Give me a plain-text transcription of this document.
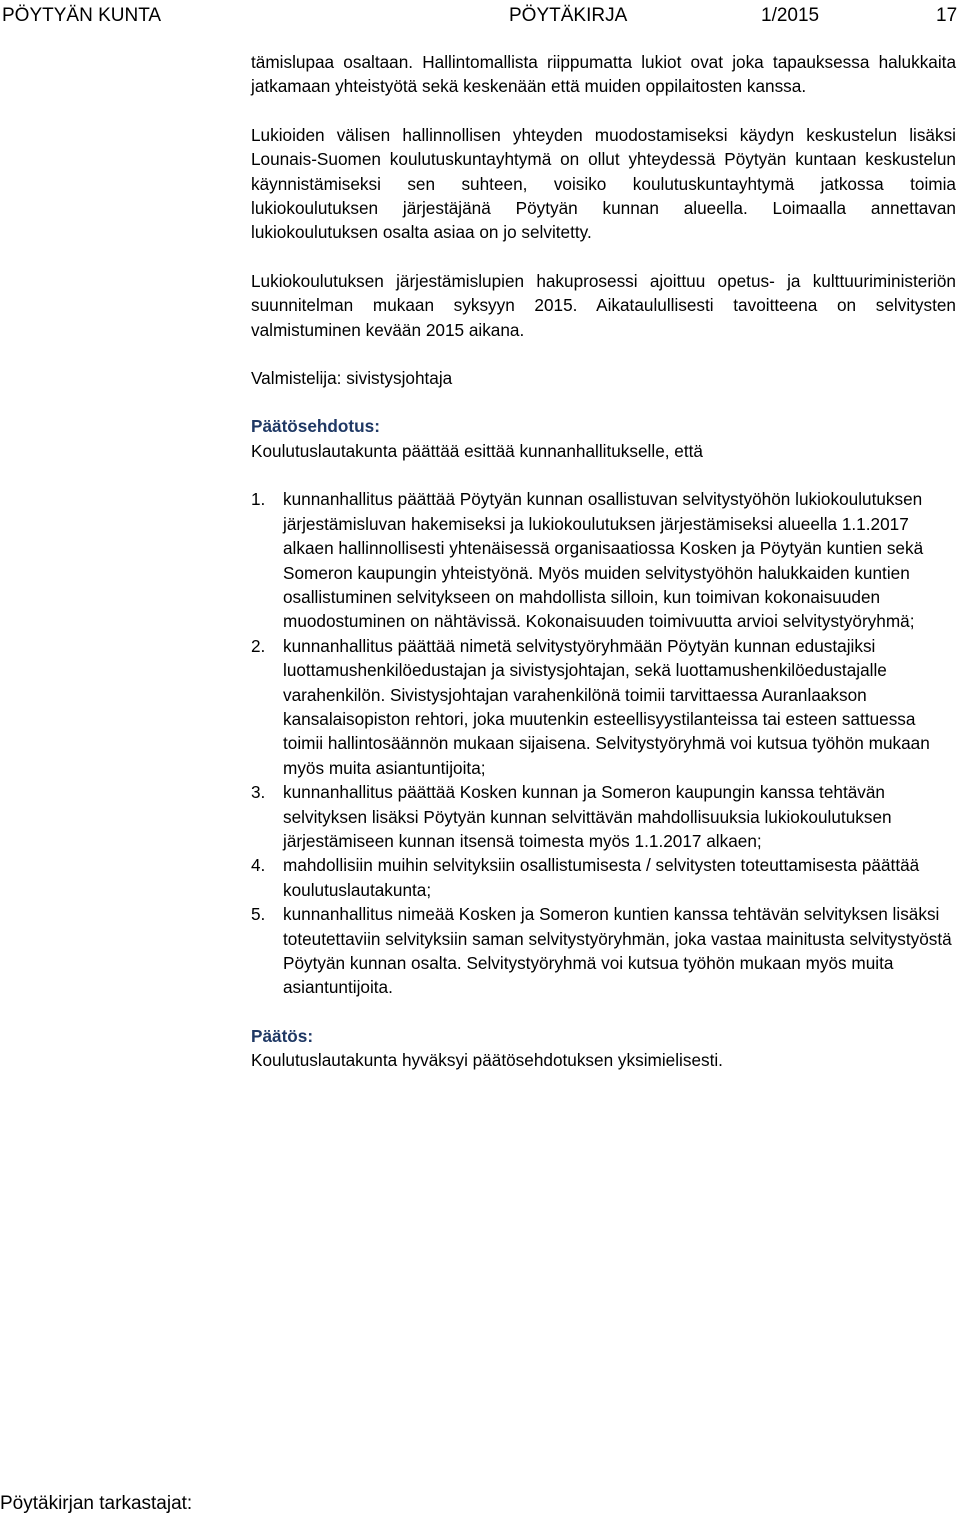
PÖYTYÄN KUNTA	PÖYTÄKIRJA	1/2015	17

tämislupaa osaltaan. Hallintomallista riippumatta lukiot ovat joka tapauksessa halukkaita jatkamaan yhteistyötä sekä keskenään että muiden oppilaitosten kanssa.

Lukioiden välisen hallinnollisen yhteyden muodostamiseksi käydyn keskustelun lisäksi Lounais-Suomen koulutuskuntayhtymä on ollut yhteydessä Pöytyän kuntaan keskustelun käynnistämiseksi sen suhteen, voisiko koulutuskuntayhtymä jatkossa toimia lukiokoulutuksen järjestäjänä Pöytyän kunnan alueella. Loimaalla annettavan lukiokoulutuksen osalta asiaa on jo selvitetty.

Lukiokoulutuksen järjestämislupien hakuprosessi ajoittuu opetus- ja kulttuuriministeriön suunnitelman mukaan syksyyn 2015. Aikataulullisesti tavoitteena on selvitysten valmistuminen kevään 2015 aikana.

Valmistelija: sivistysjohtaja

Päätösehdotus:

Koulutuslautakunta päättää esittää kunnanhallitukselle, että

1. kunnanhallitus päättää Pöytyän kunnan osallistuvan selvitystyöhön lukiokoulutuksen järjestämisluvan hakemiseksi ja lukiokoulutuksen järjestämiseksi alueella 1.1.2017 alkaen hallinnollisesti yhtenäisessä organisaatiossa Kosken ja Pöytyän kuntien sekä Someron kaupungin yhteistyönä. Myös muiden selvitystyöhön halukkaiden kuntien osallistuminen selvitykseen on mahdollista silloin, kun toimivan kokonaisuuden muodostuminen on nähtävissä. Kokonaisuuden toimivuutta arvioi selvitystyöryhmä;
2. kunnanhallitus päättää nimetä selvitystyöryhmään Pöytyän kunnan edustajiksi luottamushenkilöedustajan ja sivistysjohtajan, sekä luottamushenkilöedustajalle varahenkilön. Sivistysjohtajan varahenkilönä toimii tarvittaessa Auranlaakson kansalaisopiston rehtori, joka muutenkin esteellisyystilanteissa tai esteen sattuessa toimii hallintosäännön mukaan sijaisena. Selvitystyöryhmä voi kutsua työhön mukaan myös muita asiantuntijoita;
3. kunnanhallitus päättää Kosken kunnan ja Someron kaupungin kanssa tehtävän selvityksen lisäksi Pöytyän kunnan selvittävän mahdollisuuksia lukiokoulutuksen järjestämiseen kunnan itsensä toimesta myös 1.1.2017 alkaen;
4. mahdollisiin muihin selvityksiin osallistumisesta / selvitysten toteuttamisesta päättää koulutuslautakunta;
5. kunnanhallitus nimeää Kosken ja Someron kuntien kanssa tehtävän selvityksen lisäksi toteutettaviin selvityksiin saman selvitystyöryhmän, joka vastaa mainitusta selvitystyöstä Pöytyän kunnan osalta. Selvitystyöryhmä voi kutsua työhön mukaan myös muita asiantuntijoita.

Päätös:

Koulutuslautakunta hyväksyi päätösehdotuksen yksimielisesti.

Pöytäkirjan tarkastajat:
